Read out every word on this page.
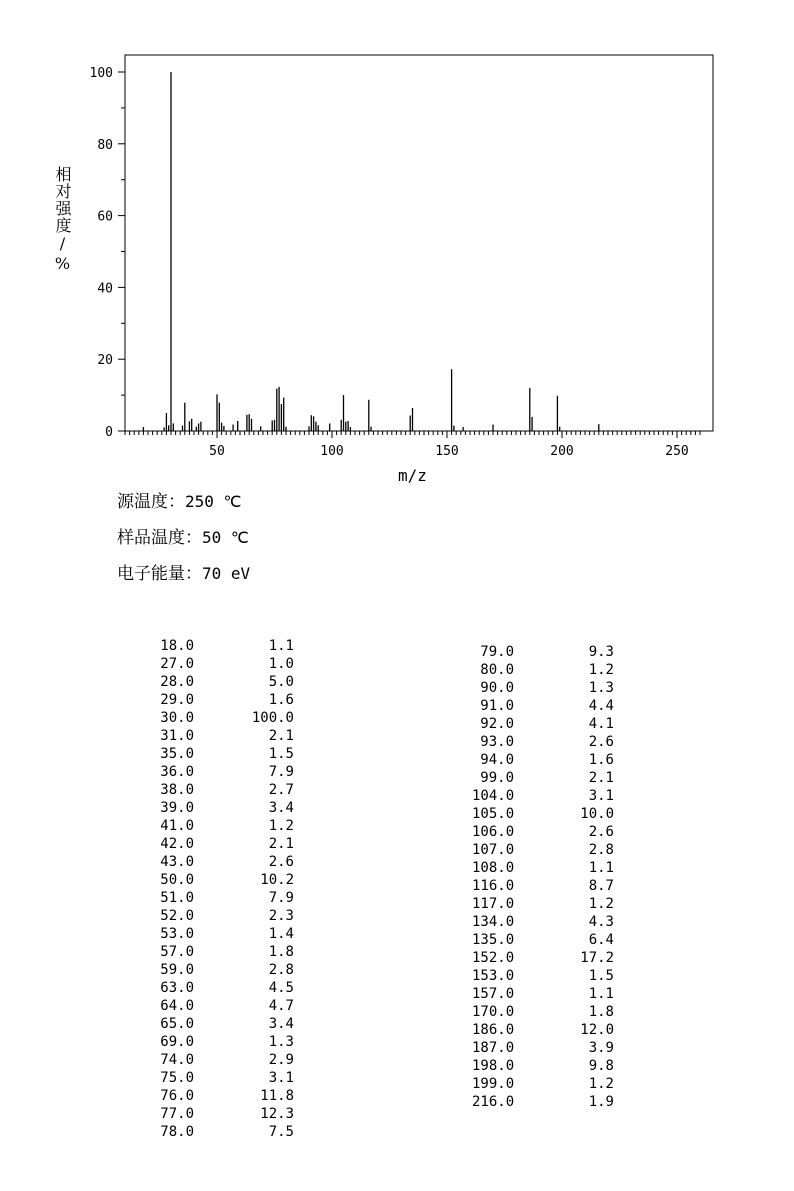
50	100	150	200	250
0
20
40
60
80
100
相对强度/%
m/z
源温度：250 ℃
样品温度：50 ℃
电子能量：70 eV
18.0	1.1
27.0	1.0
28.0	5.0
29.0	1.6
30.0	100.0
31.0	2.1
35.0	1.5
36.0	7.9
38.0	2.7
39.0	3.4
41.0	1.2
42.0	2.1
43.0	2.6
50.0	10.2
51.0	7.9
52.0	2.3
53.0	1.4
57.0	1.8
59.0	2.8
63.0	4.5
64.0	4.7
65.0	3.4
69.0	1.3
74.0	2.9
75.0	3.1
76.0	11.8
77.0	12.3
78.0	7.5
79.0	9.3
80.0	1.2
90.0	1.3
91.0	4.4
92.0	4.1
93.0	2.6
94.0	1.6
99.0	2.1
104.0	3.1
105.0	10.0
106.0	2.6
107.0	2.8
108.0	1.1
116.0	8.7
117.0	1.2
134.0	4.3
135.0	6.4
152.0	17.2
153.0	1.5
157.0	1.1
170.0	1.8
186.0	12.0
187.0	3.9
198.0	9.8
199.0	1.2
216.0	1.9
